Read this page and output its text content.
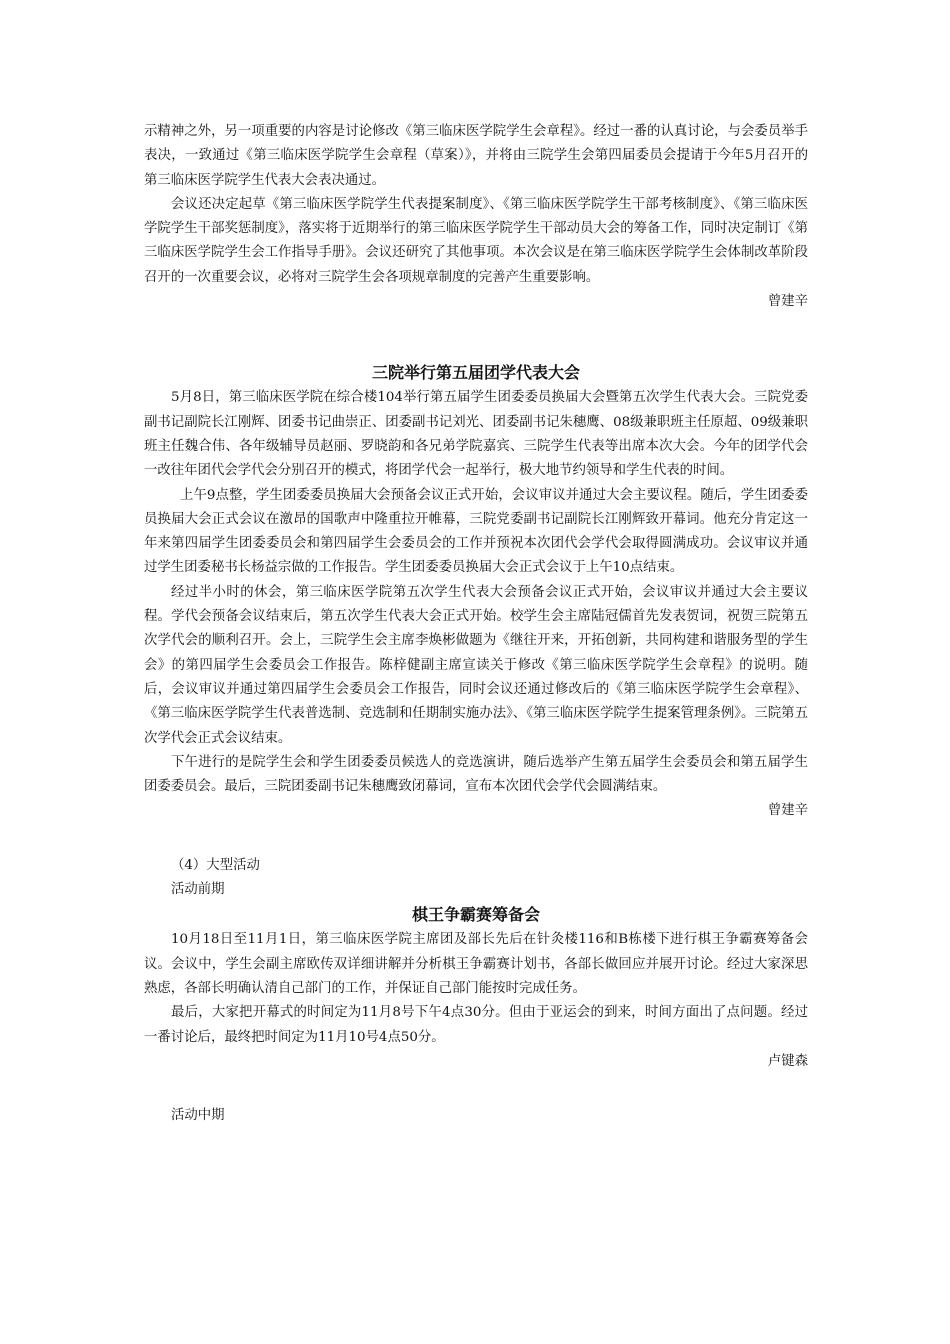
示精神之外，另一项重要的内容是讨论修改《第三临床医学院学生会章程》。经过一番的认真讨论，与会委员举手表决，一致通过《第三临床医学院学生会章程（草案）》，并将由三院学生会第四届委员会提请于今年5月召开的第三临床医学院学生代表大会表决通过。

会议还决定起草《第三临床医学院学生代表提案制度》、《第三临床医学院学生干部考核制度》、《第三临床医学院学生干部奖惩制度》，落实将于近期举行的第三临床医学院学生干部动员大会的筹备工作，同时决定制订《第三临床医学院学生会工作指导手册》。会议还研究了其他事项。本次会议是在第三临床医学院学生会体制改革阶段召开的一次重要会议，必将对三院学生会各项规章制度的完善产生重要影响。

曾建辛

三院举行第五届团学代表大会

5月8日，第三临床医学院在综合楼104举行第五届学生团委委员换届大会暨第五次学生代表大会。三院党委副书记副院长江刚辉、团委书记曲崇正、团委副书记刘光、团委副书记朱穗鹰、08级兼职班主任原超、09级兼职班主任魏合伟、各年级辅导员赵丽、罗晓韵和各兄弟学院嘉宾、三院学生代表等出席本次大会。今年的团学代会一改往年团代会学代会分别召开的模式，将团学代会一起举行，极大地节约领导和学生代表的时间。

上午9点整，学生团委委员换届大会预备会议正式开始，会议审议并通过大会主要议程。随后，学生团委委员换届大会正式会议在激昂的国歌声中隆重拉开帷幕，三院党委副书记副院长江刚辉致开幕词。他充分肯定这一年来第四届学生团委委员会和第四届学生会委员会的工作并预祝本次团代会学代会取得圆满成功。会议审议并通过学生团委秘书长杨益宗做的工作报告。学生团委委员换届大会正式会议于上午10点结束。

经过半小时的休会，第三临床医学院第五次学生代表大会预备会议正式开始，会议审议并通过大会主要议程。学代会预备会议结束后，第五次学生代表大会正式开始。校学生会主席陆冠儒首先发表贺词，祝贺三院第五次学代会的顺利召开。会上，三院学生会主席李焕彬做题为《继往开来，开拓创新，共同构建和谐服务型的学生会》的第四届学生会委员会工作报告。陈梓健副主席宣读关于修改《第三临床医学院学生会章程》的说明。随后，会议审议并通过第四届学生会委员会工作报告，同时会议还通过修改后的《第三临床医学院学生会章程》、《第三临床医学院学生代表普选制、竞选制和任期制实施办法》、《第三临床医学院学生提案管理条例》。三院第五次学代会正式会议结束。

下午进行的是院学生会和学生团委委员候选人的竞选演讲，随后选举产生第五届学生会委员会和第五届学生团委委员会。最后，三院团委副书记朱穗鹰致闭幕词，宣布本次团代会学代会圆满结束。

曾建辛

（4）大型活动

活动前期

棋王争霸赛筹备会

10月18日至11月1日，第三临床医学院主席团及部长先后在针灸楼116和B栋楼下进行棋王争霸赛筹备会议。会议中，学生会副主席欧传双详细讲解并分析棋王争霸赛计划书，各部长做回应并展开讨论。经过大家深思熟虑，各部长明确认清自己部门的工作，并保证自己部门能按时完成任务。

最后，大家把开幕式的时间定为11月8号下午4点30分。但由于亚运会的到来，时间方面出了点问题。经过一番讨论后，最终把时间定为11月10号4点50分。

卢键森

活动中期
